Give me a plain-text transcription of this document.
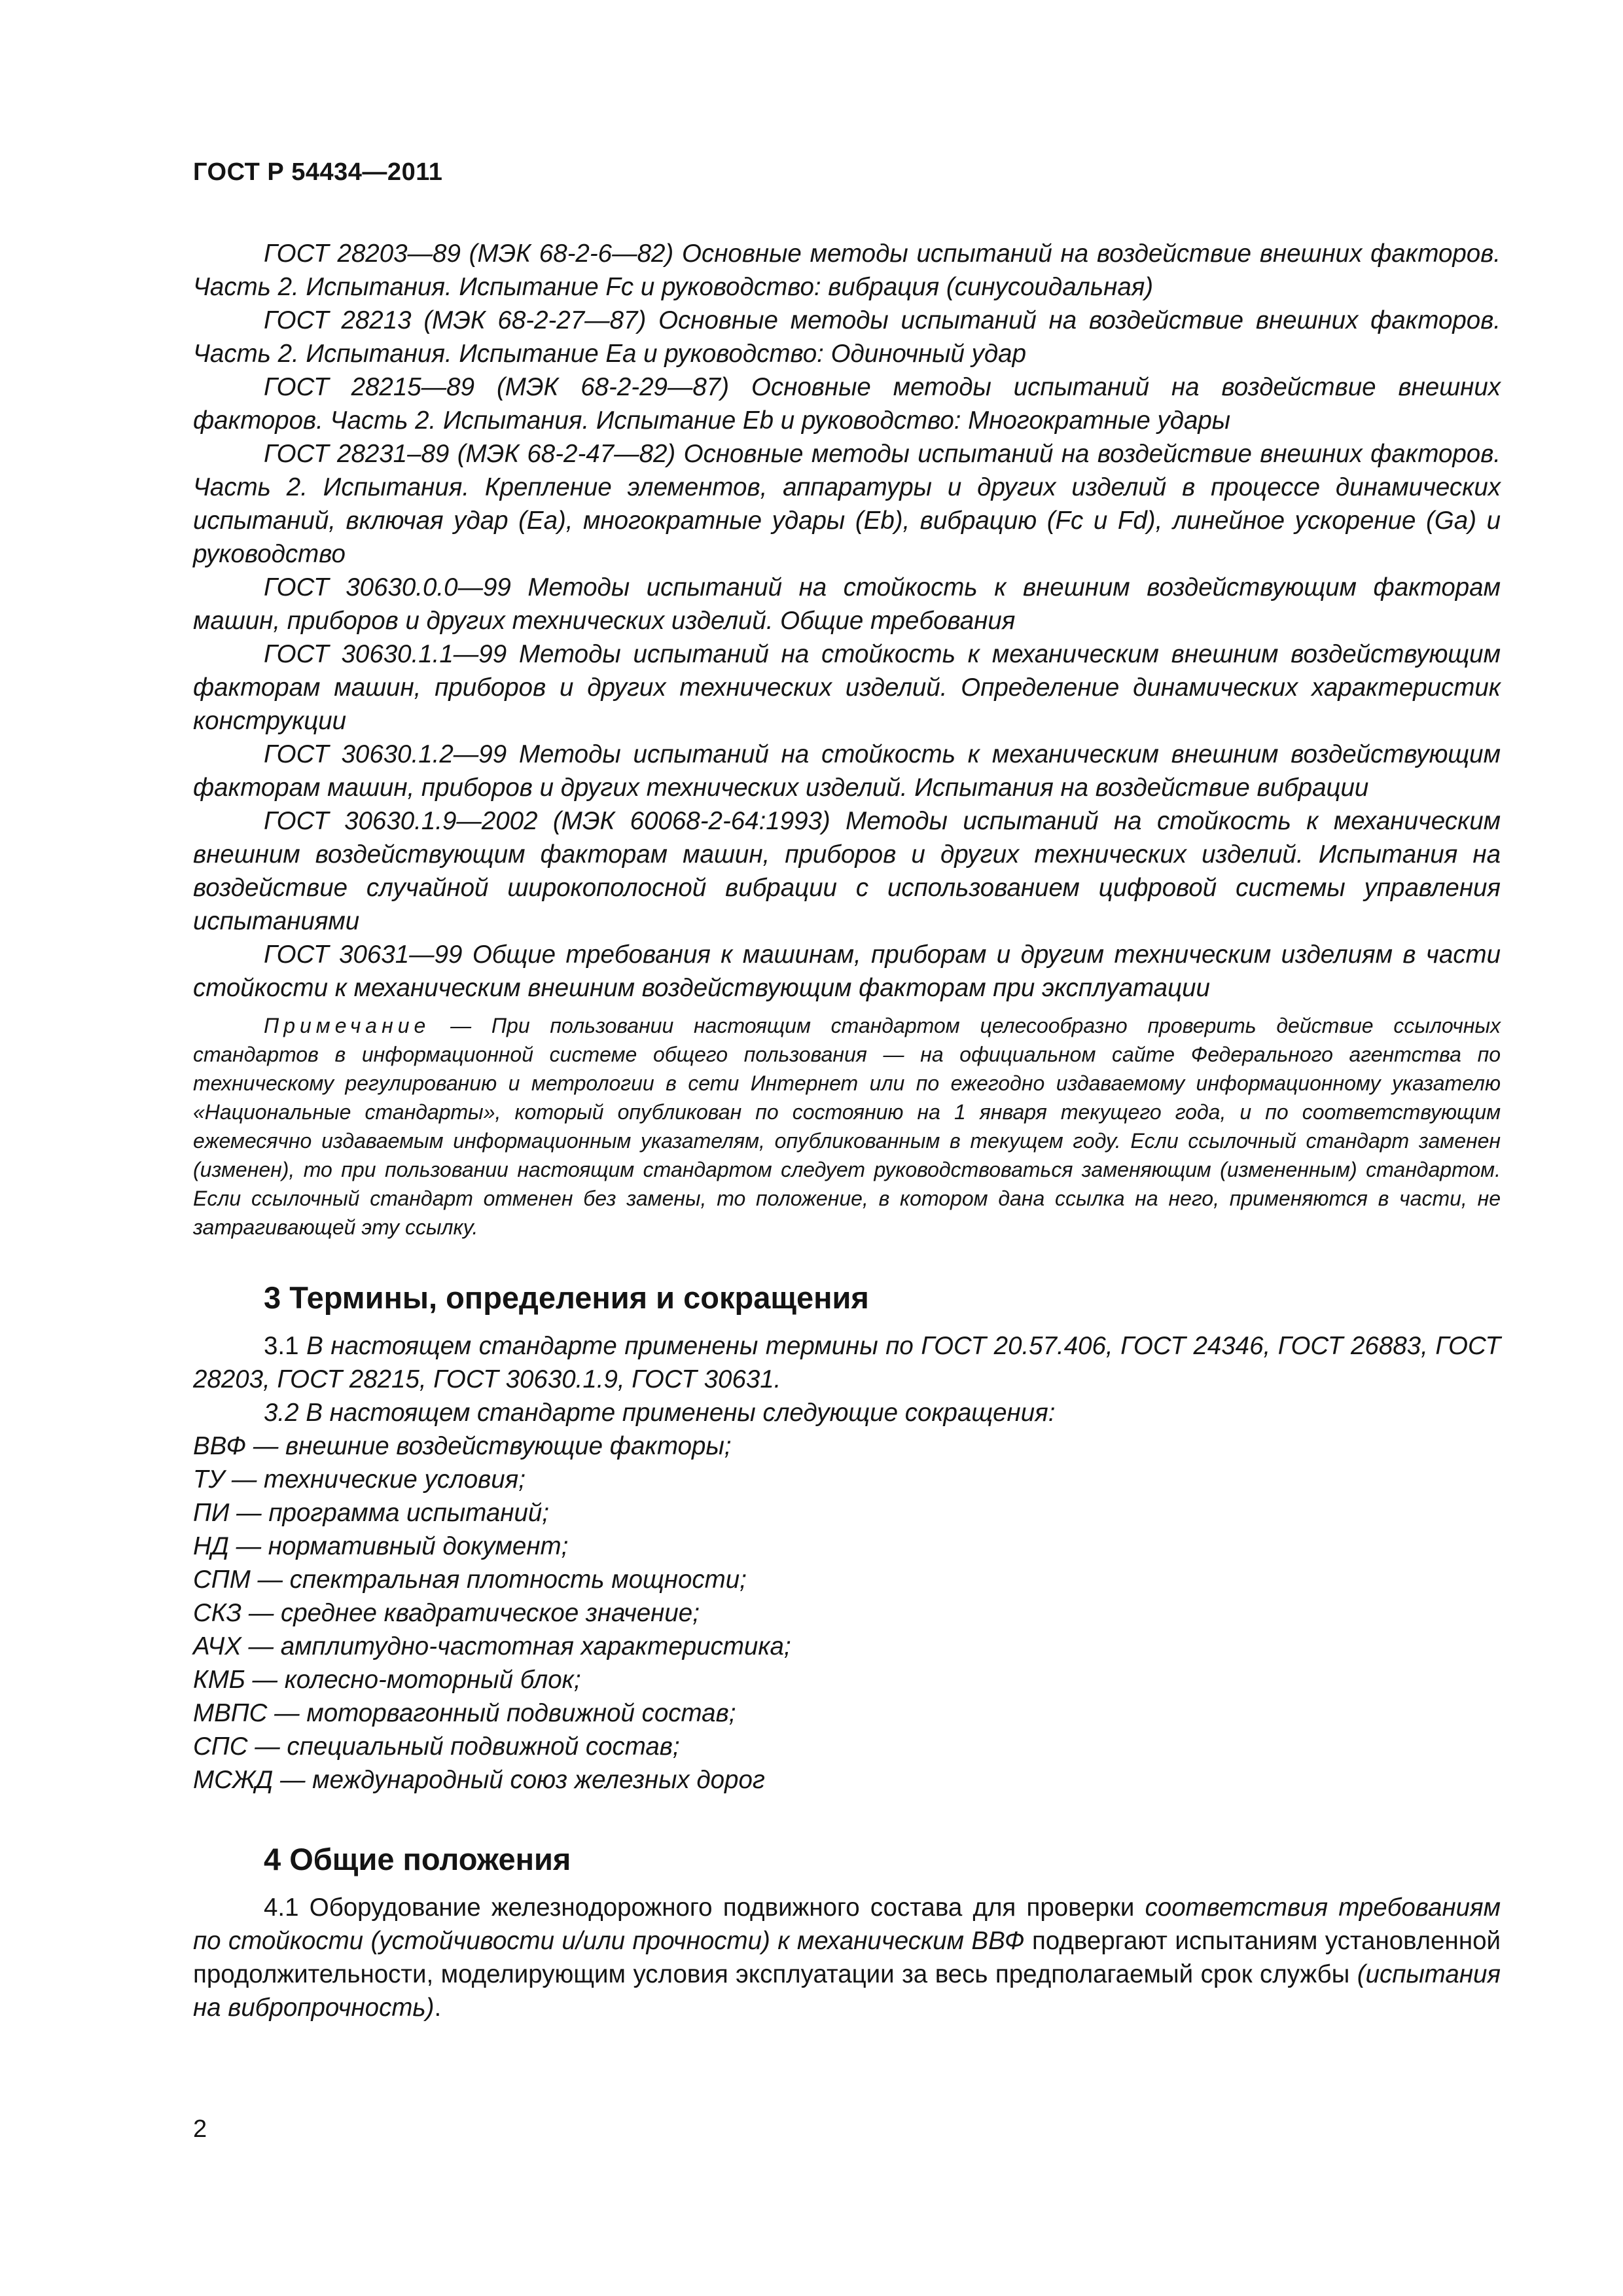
ГОСТ Р 54434—2011

ГОСТ 28203—89 (МЭК 68-2-6—82) Основные методы испытаний на воздействие внешних факторов. Часть 2. Испытания. Испытание Fc и руководство: вибрация (синусоидальная)

ГОСТ 28213 (МЭК 68-2-27—87) Основные методы испытаний на воздействие внешних факторов. Часть 2. Испытания. Испытание Ea и руководство: Одиночный удар

ГОСТ 28215—89 (МЭК 68-2-29—87) Основные методы испытаний на воздействие внешних факторов. Часть 2. Испытания. Испытание Eb и руководство: Многократные удары

ГОСТ 28231–89 (МЭК 68-2-47—82) Основные методы испытаний на воздействие внешних факторов. Часть 2. Испытания. Крепление элементов, аппаратуры и других изделий в процессе динамических испытаний, включая удар (Ea), многократные удары (Eb), вибрацию (Fc и Fd), линейное ускорение (Ga) и руководство

ГОСТ 30630.0.0—99 Методы испытаний на стойкость к внешним воздействующим факторам машин, приборов и других технических изделий. Общие требования

ГОСТ 30630.1.1—99 Методы испытаний на стойкость к механическим внешним воздействующим факторам машин, приборов и других технических изделий. Определение динамических характеристик конструкции

ГОСТ 30630.1.2—99 Методы испытаний на стойкость к механическим внешним воздействующим факторам машин, приборов и других технических изделий. Испытания на воздействие вибрации

ГОСТ 30630.1.9—2002 (МЭК 60068-2-64:1993) Методы испытаний на стойкость к механическим внешним воздействующим факторам машин, приборов и других технических изделий. Испытания на воздействие случайной широкополосной вибрации с использованием цифровой системы управления испытаниями

ГОСТ 30631—99 Общие требования к машинам, приборам и другим техническим изделиям в части стойкости к механическим внешним воздействующим факторам при эксплуатации

Примечание — При пользовании настоящим стандартом целесообразно проверить действие ссылочных стандартов в информационной системе общего пользования — на официальном сайте Федерального агентства по техническому регулированию и метрологии в сети Интернет или по ежегодно издаваемому информационному указателю «Национальные стандарты», который опубликован по состоянию на 1 января текущего года, и по соответствующим ежемесячно издаваемым информационным указателям, опубликованным в текущем году. Если ссылочный стандарт заменен (изменен), то при пользовании настоящим стандартом следует руководствоваться заменяющим (измененным) стандартом. Если ссылочный стандарт отменен без замены, то положение, в котором дана ссылка на него, применяются в части, не затрагивающей эту ссылку.

3 Термины, определения и сокращения

3.1 В настоящем стандарте применены термины по ГОСТ 20.57.406, ГОСТ 24346, ГОСТ 26883, ГОСТ 28203, ГОСТ 28215, ГОСТ 30630.1.9, ГОСТ 30631.

3.2 В настоящем стандарте применены следующие сокращения:

ВВФ — внешние воздействующие факторы;
ТУ — технические условия;
ПИ — программа испытаний;
НД — нормативный документ;
СПМ — спектральная плотность мощности;
СКЗ — среднее квадратическое значение;
АЧХ — амплитудно-частотная характеристика;
КМБ — колесно-моторный блок;
МВПС — моторвагонный подвижной состав;
СПС — специальный подвижной состав;
МСЖД — международный союз железных дорог
4 Общие положения

4.1 Оборудование железнодорожного подвижного состава для проверки соответствия требованиям по стойкости (устойчивости и/или прочности) к механическим ВВФ подвергают испытаниям установленной продолжительности, моделирующим условия эксплуатации за весь предполагаемый срок службы (испытания на вибропрочность).

2
